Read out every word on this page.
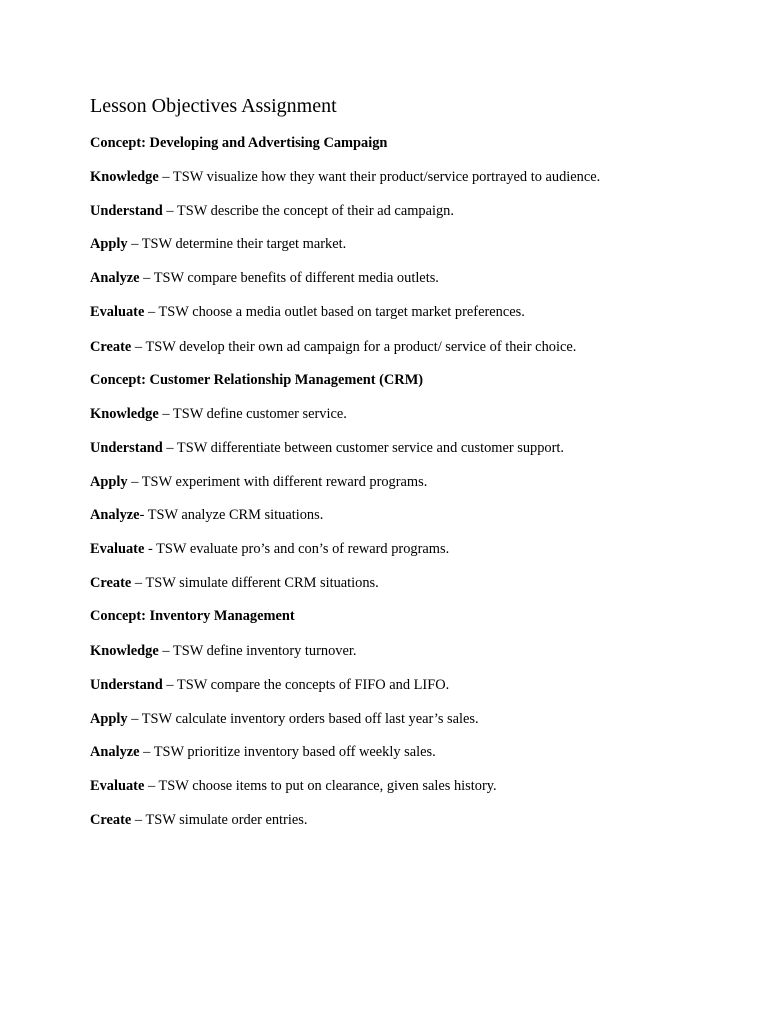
Lesson Objectives Assignment
Concept: Developing and Advertising Campaign
Knowledge – TSW visualize how they want their product/service portrayed to audience.
Understand – TSW describe the concept of their ad campaign.
Apply – TSW determine their target market.
Analyze – TSW compare benefits of different media outlets.
Evaluate – TSW choose a media outlet based on target market preferences.
Create – TSW develop their own ad campaign for a product/ service of their choice.
Concept: Customer Relationship Management (CRM)
Knowledge – TSW define customer service.
Understand – TSW differentiate between customer service and customer support.
Apply – TSW experiment with different reward programs.
Analyze- TSW analyze CRM situations.
Evaluate - TSW evaluate pro’s and con’s of reward programs.
Create – TSW simulate different CRM situations.
Concept: Inventory Management
Knowledge – TSW define inventory turnover.
Understand – TSW compare the concepts of FIFO and LIFO.
Apply – TSW calculate inventory orders based off last year’s sales.
Analyze – TSW prioritize inventory based off weekly sales.
Evaluate – TSW choose items to put on clearance, given sales history.
Create – TSW simulate order entries.
